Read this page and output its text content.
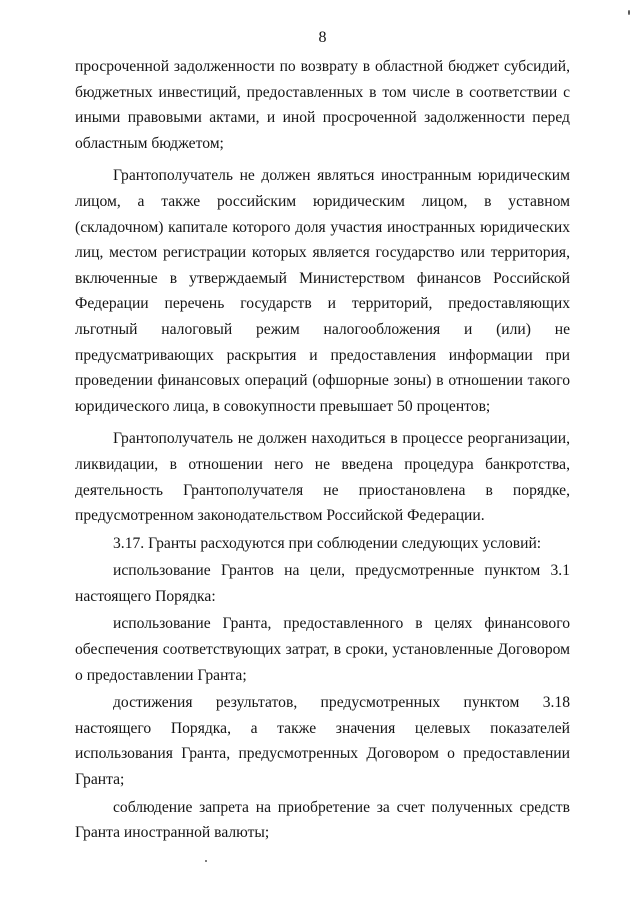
8

просроченной задолженности по возврату в областной бюджет субсидий, бюджетных инвестиций, предоставленных в том числе в соответствии с иными правовыми актами, и иной просроченной задолженности перед областным бюджетом;

Грантополучатель не должен являться иностранным юридическим лицом, а также российским юридическим лицом, в уставном (складочном) капитале которого доля участия иностранных юридических лиц, местом регистрации которых является государство или территория, включенные в утверждаемый Министерством финансов Российской Федерации перечень государств и территорий, предоставляющих льготный налоговый режим налогообложения и (или) не предусматривающих раскрытия и предоставления информации при проведении финансовых операций (офшорные зоны) в отношении такого юридического лица, в совокупности превышает 50 процентов;

Грантополучатель не должен находиться в процессе реорганизации, ликвидации, в отношении него не введена процедура банкротства, деятельность Грантополучателя не приостановлена в порядке, предусмотренном законодательством Российской Федерации.

3.17. Гранты расходуются при соблюдении следующих условий:

использование Грантов на цели, предусмотренные пунктом 3.1 настоящего Порядка:

использование Гранта, предоставленного в целях финансового обеспечения соответствующих затрат, в сроки, установленные Договором о предоставлении Гранта;

достижения результатов, предусмотренных пунктом 3.18 настоящего Порядка, а также значения целевых показателей использования Гранта, предусмотренных Договором о предоставлении Гранта;

соблюдение запрета на приобретение за счет полученных средств Гранта иностранной валюты;
